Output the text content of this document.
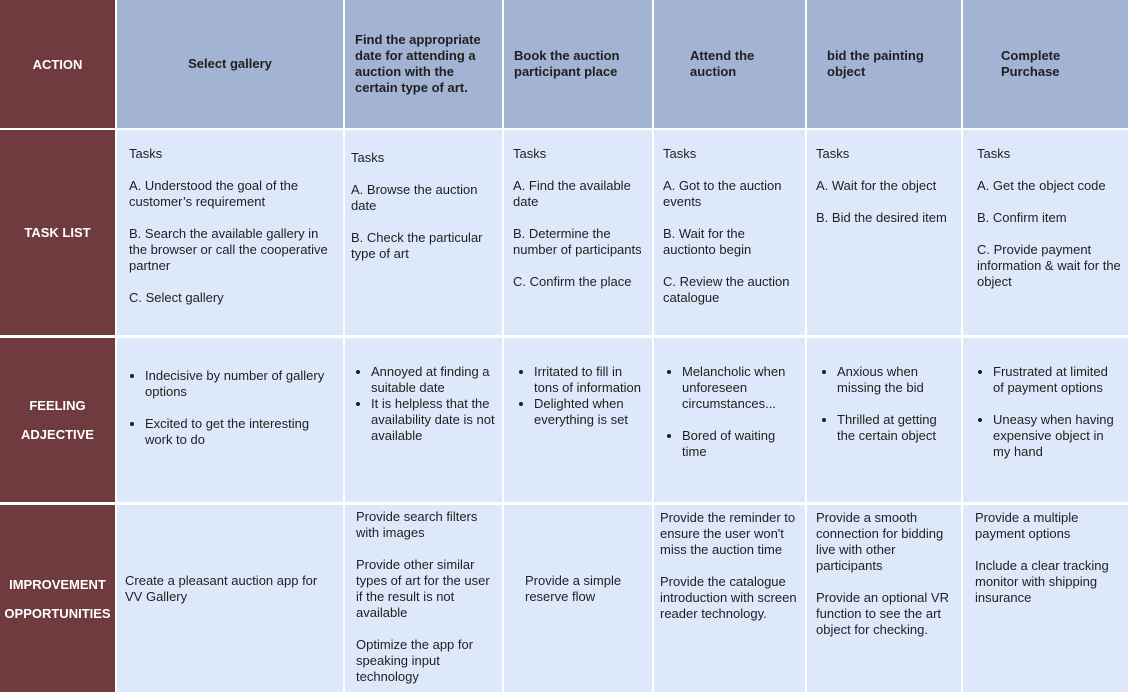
ACTION
TASK LIST
FEELING
ADJECTIVE
IMPROVEMENT
OPPORTUNITIES
Select gallery
Tasks
A. Understood the goal of the customer’s requirement
B. Search the available gallery in the browser or call the cooperative partner
C. Select gallery
• Indecisive by number of gallery options
• Excited to get the interesting work to do
Create a pleasant auction app for VV Gallery
Find the appropriate date for attending a auction with the certain type of art.
Tasks
A. Browse the auction date
B. Check the particular type of art
• Annoyed at finding a suitable date
• It is helpless that the availability date is not available
Provide search filters with images
Provide other similar types of art for the user if the result is not available
Optimize the app for speaking input technology
Book the auction participant place
Tasks
A. Find the available date
B. Determine the number of participants
C. Confirm the place
• Irritated to fill in tons of information
• Delighted when everything is set
Provide a simple reserve flow
Attend the auction
Tasks
A. Got to the auction events
B. Wait for the auctionto begin
C. Review the auction catalogue
• Melancholic when unforeseen circumstances...
• Bored of waiting time
Provide the reminder to ensure the user won't miss the auction time
Provide the catalogue introduction with screen reader technology.
bid the painting object
Tasks
A. Wait for the object
B. Bid the desired item
• Anxious when missing the bid
• Thrilled at getting the certain object
Provide a smooth connection for bidding live with other participants
Provide an optional VR function to see the art object for checking.
Complete Purchase
Tasks
A. Get the object code
B. Confirm item
C. Provide payment information & wait for the object
• Frustrated at limited of payment options
• Uneasy when having expensive object in my hand
Provide a multiple payment options
Include a clear tracking monitor with shipping insurance
